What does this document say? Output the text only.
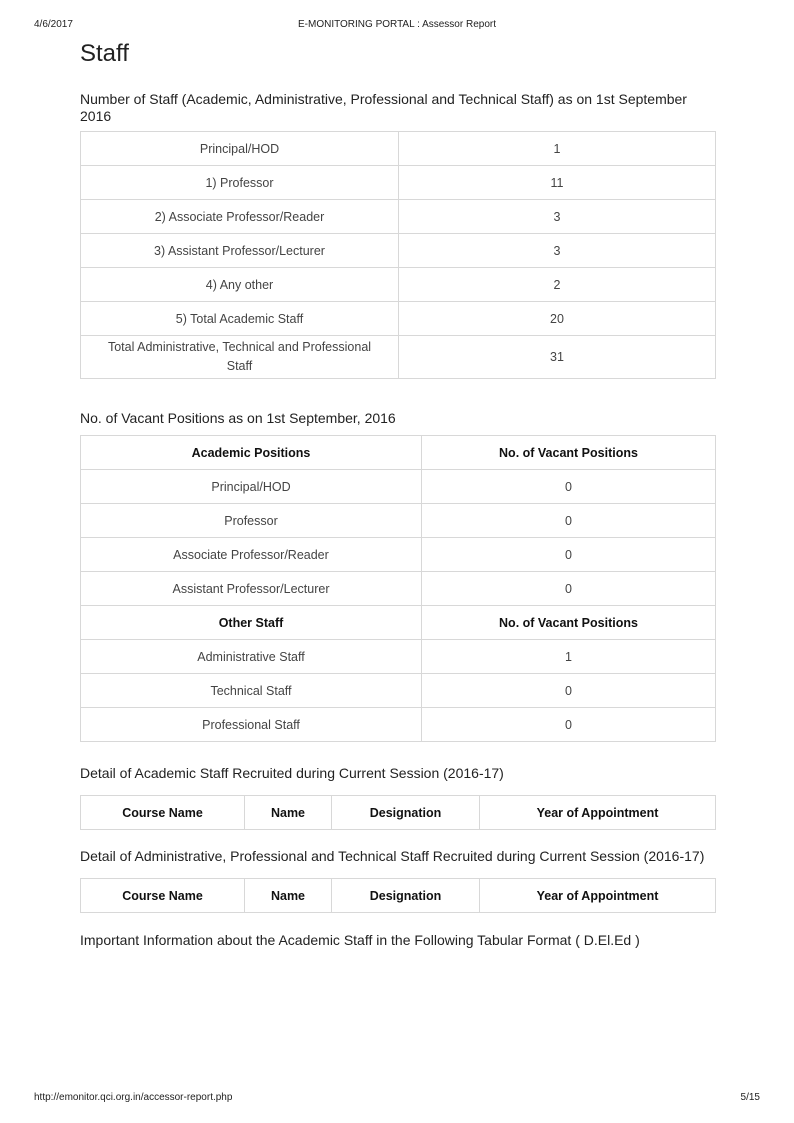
4/6/2017	E-MONITORING PORTAL : Assessor Report
Staff
Number of Staff (Academic, Administrative, Professional and Technical Staff) as on 1st September 2016
Principal/HOD	1
1) Professor	11
2) Associate Professor/Reader	3
3) Assistant Professor/Lecturer	3
4) Any other	2
5) Total Academic Staff	20
Total Administrative, Technical and Professional Staff	31
No. of Vacant Positions as on 1st September, 2016
Academic Positions	No. of Vacant Positions
Principal/HOD	0
Professor	0
Associate Professor/Reader	0
Assistant Professor/Lecturer	0
Other Staff	No. of Vacant Positions
Administrative Staff	1
Technical Staff	0
Professional Staff	0
Detail of Academic Staff Recruited during Current Session (2016-17)
Course Name	Name	Designation	Year of Appointment
Detail of Administrative, Professional and Technical Staff Recruited during Current Session (2016-17)
Course Name	Name	Designation	Year of Appointment
Important Information about the Academic Staff in the Following Tabular Format ( D.El.Ed )
http://emonitor.qci.org.in/accessor-report.php	5/15
